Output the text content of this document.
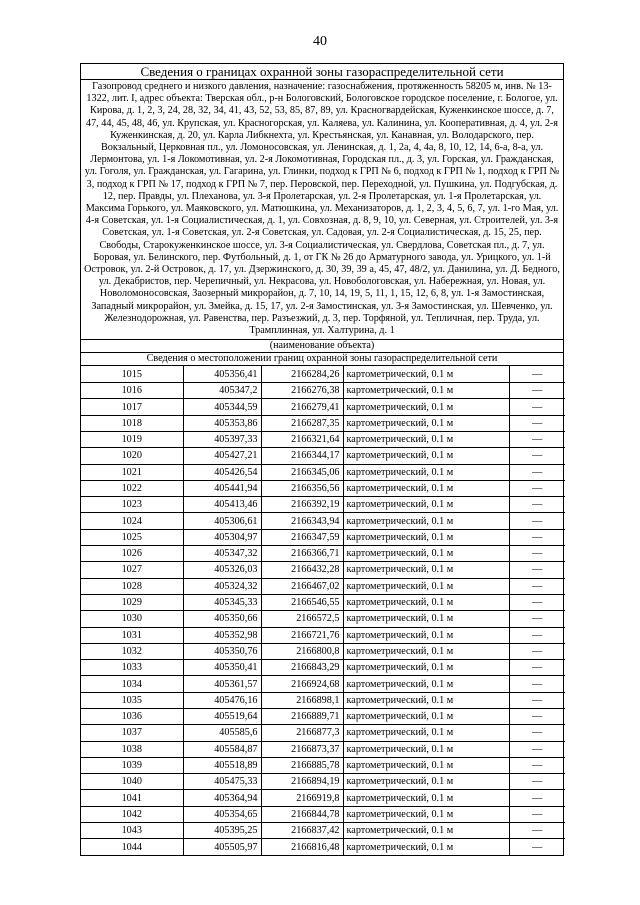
40
Сведения о границах охранной зоны газораспределительной сети
Газопровод среднего и низкого давления, назначение: газоснабжения, протяженность 58205 м, инв. № 13-1322, лит. I, адрес объекта: Тверская обл., р-н Бологовский, Бологовское городское поселение, г. Бологое, ул. Кирова, д. 1, 2, 3, 24, 28, 32, 34, 41, 43, 52, 53, 85, 87, 89, ул. Красногвардейская, Куженкинское шоссе, д. 7, 47, 44, 45, 48, 46, ул. Крупская, ул. Красногорская, ул. Каляева, ул. Калинина, ул. Кооперативная, д. 4, ул. 2-я Куженкинская, д. 20, ул. Карла Либкнехта, ул. Крестьянская, ул. Канавная, ул. Володарского, пер. Вокзальный, Церковная пл., ул. Ломоносовская, ул. Ленинская, д. 1, 2а, 4, 4а, 8, 10, 12, 14, 6-а, 8-а, ул. Лермонтова, ул. 1-я Локомотивная, ул. 2-я Локомотивная, Городская пл., д. 3, ул. Горская, ул. Гражданская, ул. Гоголя, ул. Гражданская, ул. Гагарина, ул. Глинки, подход к ГРП № 6, подход к ГРП № 1, подход к ГРП № 3, подход к ГРП № 17, подход к ГРП № 7, пер. Перовской, пер. Переходной, ул. Пушкина, ул. Подгубская, д. 12, пер. Правды, ул. Плеханова, ул. 3-я Пролетарская, ул. 2-я Пролетарская, ул. 1-я Пролетарская, ул. Максима Горького, ул. Маяковского, ул. Матюшкина, ул. Механизаторов, д. 1, 2, 3, 4, 5, 6, 7, ул. 1-го Мая, ул. 4-я Советская, ул. 1-я Социалистическая, д. 1, ул. Совхозная, д. 8, 9, 10, ул. Северная, ул. Строителей, ул. 3-я Советская, ул. 1-я Советская, ул. 2-я Советская, ул. Садовая, ул. 2-я Социалистическая, д. 15, 25, пер. Свободы, Старокуженкинское шоссе, ул. 3-я Социалистическая, ул. Свердлова, Советская пл., д. 7, ул. Боровая, ул. Белинского, пер. Футбольный, д. 1, от ГК № 26 до Арматурного завода, ул. Урицкого, ул. 1-й Островок, ул. 2-й Островок, д. 17, ул. Дзержинского, д. 30, 39, 39 а, 45, 47, 48/2, ул. Данилина, ул. Д. Бедного, ул. Декабристов, пер. Черепичный, ул. Некрасова, ул. Новобологовская, ул. Набережная, ул. Новая, ул. Новоломоносовская, Заозерный микрорайон, д. 7, 10, 14, 19, 5, 11, 1, 15, 12, 6, 8, ул. 1-я Замостинская, Западный микрорайон, ул. Змейка, д. 15, 17, ул. 2-я Замостинская, ул. 3-я Замостинская, ул. Шевченко, ул. Железнодорожная, ул. Равенства, пер. Разъезжий, д. 3, пер. Торфяной, ул. Тепличная, пер. Труда, ул. Трамплинная, ул. Халтурина, д. 1
(наименование объекта)
Сведения о местоположении границ охранной зоны газораспределительной сети
1015	405356,41	2166284,26	картометрический, 0.1 м	—
1016	405347,2	2166276,38	картометрический, 0.1 м	—
1017	405344,59	2166279,41	картометрический, 0.1 м	—
1018	405353,86	2166287,35	картометрический, 0.1 м	—
1019	405397,33	2166321,64	картометрический, 0.1 м	—
1020	405427,21	2166344,17	картометрический, 0.1 м	—
1021	405426,54	2166345,06	картометрический, 0.1 м	—
1022	405441,94	2166356,56	картометрический, 0.1 м	—
1023	405413,46	2166392,19	картометрический, 0.1 м	—
1024	405306,61	2166343,94	картометрический, 0.1 м	—
1025	405304,97	2166347,59	картометрический, 0.1 м	—
1026	405347,32	2166366,71	картометрический, 0.1 м	—
1027	405326,03	2166432,28	картометрический, 0.1 м	—
1028	405324,32	2166467,02	картометрический, 0.1 м	—
1029	405345,33	2166546,55	картометрический, 0.1 м	—
1030	405350,66	2166572,5	картометрический, 0.1 м	—
1031	405352,98	2166721,76	картометрический, 0.1 м	—
1032	405350,76	2166800,8	картометрический, 0.1 м	—
1033	405350,41	2166843,29	картометрический, 0.1 м	—
1034	405361,57	2166924,68	картометрический, 0.1 м	—
1035	405476,16	2166898,1	картометрический, 0.1 м	—
1036	405519,64	2166889,71	картометрический, 0.1 м	—
1037	405585,6	2166877,3	картометрический, 0.1 м	—
1038	405584,87	2166873,37	картометрический, 0.1 м	—
1039	405518,89	2166885,78	картометрический, 0.1 м	—
1040	405475,33	2166894,19	картометрический, 0.1 м	—
1041	405364,94	2166919,8	картометрический, 0.1 м	—
1042	405354,65	2166844,78	картометрический, 0.1 м	—
1043	405395,25	2166837,42	картометрический, 0.1 м	—
1044	405505,97	2166816,48	картометрический, 0.1 м	—
